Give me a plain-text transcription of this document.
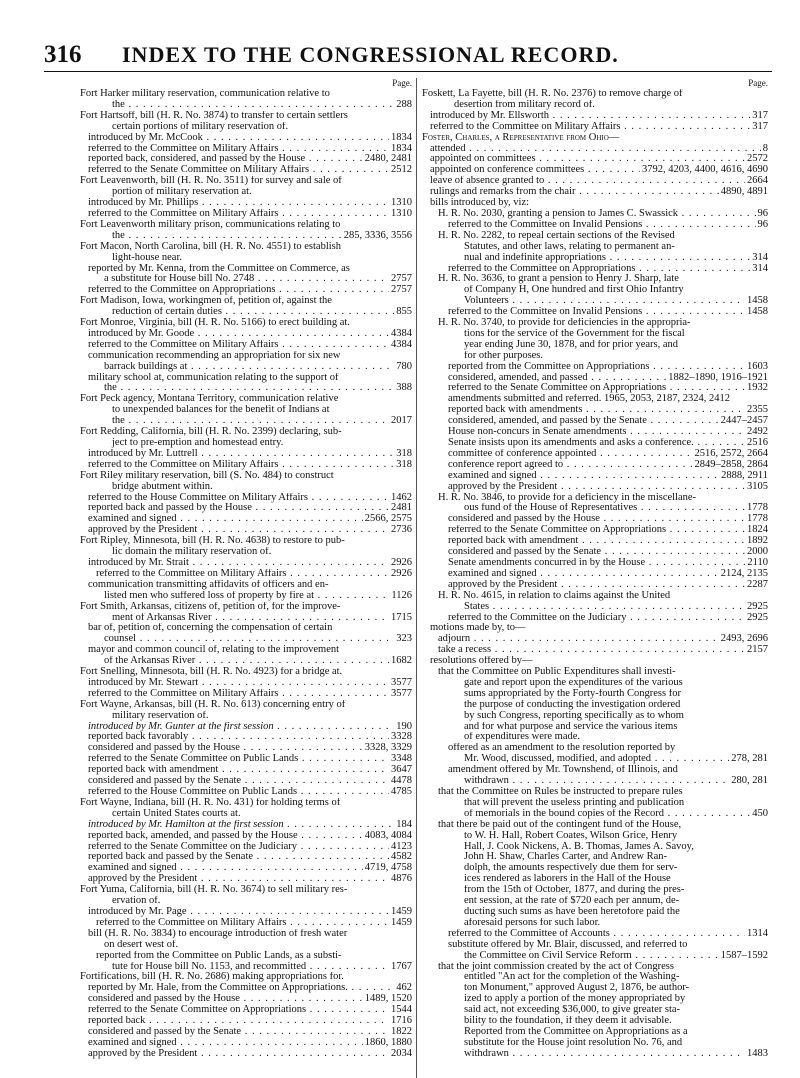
316 INDEX TO THE CONGRESSIONAL RECORD.
Page.
Fort Harker military reservation, communication relative to
the . . .	288
Fort Hartsoff, bill (H. R. No. 3874) to transfer to certain settlers
certain portions of military reservation of.
introduced by Mr. McCook . . .	1834
referred to the Committee on Military Affairs . . .	1834
reported back, considered, and passed by the House . . .	2480, 2481
referred to the Senate Committee on Military Affairs . . .	2512
Fort Leavenworth, bill (H. R. No. 3511) for survey and sale of
portion of military reservation at.
introduced by Mr. Phillips . . .	1310
referred to the Committee on Military Affairs . . .	1310
Fort Leavenworth military prison, communications relating to
the . . .	285, 3336, 3556
Fort Macon, North Carolina, bill (H. R. No. 4551) to establish
light-house near.
reported by Mr. Kenna, from the Committee on Commerce, as
a substitute for House bill No. 2748 . . .	2757
referred to the Committee on Appropriations . . .	2757
Fort Madison, Iowa, workingmen of, petition of, against the
reduction of certain duties . . .	855
Fort Monroe, Virginia, bill (H. R. No. 5166) to erect building at.
introduced by Mr. Goode . . .	4384
referred to the Committee on Military Affairs . . .	4384
communication recommending an appropriation for six new
barrack buildings at . . .	780
military school at, communication relating to the support of
the . . .	388
Fort Peck agency, Montana Territory, communication relative
to unexpended balances for the benefit of Indians at
the . . .	2017
Fort Redding, California, bill (H. R. No. 2399) declaring, sub-
ject to pre-emption and homestead entry.
introduced by Mr. Luttrell . . .	318
referred to the Committee on Military Affairs . . .	318
Fort Riley military reservation, bill (S. No. 484) to construct
bridge abutment within.
referred to the House Committee on Military Affairs . . .	1462
reported back and passed by the House . . .	2481
examined and signed . . .	2566, 2575
approved by the President . . .	2736
Fort Ripley, Minnesota, bill (H. R. No. 4638) to restore to pub-
lic domain the military reservation of.
introduced by Mr. Strait . . .	2926
referred to the Committee on Military Affairs . . .	2926
communication transmitting affidavits of officers and en-
listed men who suffered loss of property by fire at . . .	1126
Fort Smith, Arkansas, citizens of, petition of, for the improve-
ment of Arkansas River . . .	1715
bar of, petition of, concerning the compensation of certain
counsel . . .	323
mayor and common council of, relating to the improvement
of the Arkansas River . . .	1682
Fort Snelling, Minnesota, bill (H. R. No. 4923) for a bridge at.
introduced by Mr. Stewart . . .	3577
referred to the Committee on Military Affairs . . .	3577
Fort Wayne, Arkansas, bill (H. R. No. 613) concerning entry of
military reservation of.
introduced by Mr. Gunter at the first session . . .	190
reported back favorably . . .	3328
considered and passed by the House . . .	3328, 3329
referred to the Senate Committee on Public Lands . . .	3348
reported back with amendment . . .	3647
considered and passed by the Senate . . .	4478
referred to the House Committee on Public Lands . . .	4785
Fort Wayne, Indiana, bill (H. R. No. 431) for holding terms of
certain United States courts at.
introduced by Mr. Hamilton at the first session . . .	184
reported back, amended, and passed by the House . . .	4083, 4084
referred to the Senate Committee on the Judiciary . . .	4123
reported back and passed by the Senate . . .	4582
examined and signed . . .	4719, 4758
approved by the President . . .	4876
Fort Yuma, California, bill (H. R. No. 3674) to sell military res-
ervation of.
introduced by Mr. Page . . .	1459
referred to the Committee on Military Affairs . . .	1459
bill (H. R. No. 3834) to encourage introduction of fresh water
on desert west of.
reported from the Committee on Public Lands, as a substi-
tute for House bill No. 1153, and recommitted . . .	1767
Fortifications, bill (H. R. No. 2686) making appropriations for.
reported by Mr. Hale, from the Committee on Appropriations. . . .	462
considered and passed by the House . . .	1489, 1520
referred to the Senate Committee on Appropriations . . .	1544
reported back . . .	1716
considered and passed by the Senate . . .	1822
examined and signed . . .	1860, 1880
approved by the President . . .	2034
Page.
Foskett, La Fayette, bill (H. R. No. 2376) to remove charge of
desertion from military record of.
introduced by Mr. Ellsworth . . .	317
referred to the Committee on Military Affairs . . .	317
Foster, Charles, a Representative from Ohio—
attended . . .	8
appointed on committees . . .	2572
appointed on conference committees . . .	3792, 4203, 4400, 4616, 4690
leave of absence granted to . . .	2664
rulings and remarks from the chair . . .	4890, 4891
bills introduced by, viz:
H. R. No. 2030, granting a pension to James C. Swassick . . .	96
referred to the Committee on Invalid Pensions . . .	96
H. R. No. 2282, to repeal certain sections of the Revised
Statutes, and other laws, relating to permanent an-
nual and indefinite appropriations . . .	314
referred to the Committee on Appropriations . . .	314
H. R. No. 3636, to grant a pension to Henry J. Sharp, late
of Company H, One hundred and first Ohio Infantry
Volunteers . . .	1458
referred to the Committee on Invalid Pensions . . .	1458
H. R. No. 3740, to provide for deficiencies in the appropria-
tions for the service of the Government for the fiscal
year ending June 30, 1878, and for prior years, and
for other purposes.
reported from the Committee on Appropriations . . .	1603
considered, amended, and passed . . .	1882–1890, 1916–1921
referred to the Senate Committee on Appropriations . . .	1932
amendments submitted and referred. 1965, 2053, 2187, 2324, 2412
reported back with amendments . . .	2355
considered, amended, and passed by the Senate . . .	2447–2457
House non-concurs in Senate amendments . . .	2492
Senate insists upon its amendments and asks a conference. . . .	2516
committee of conference appointed . . .	2516, 2572, 2664
conference report agreed to . . .	2849–2858, 2864
examined and signed . . .	2888, 2911
approved by the President . . .	3105
H. R. No. 3846, to provide for a deficiency in the miscellane-
ous fund of the House of Representatives . . .	1778
considered and passed by the House . . .	1778
referred to the Senate Committee on Appropriations . . .	1824
reported back with amendment . . .	1892
considered and passed by the Senate . . .	2000
Senate amendments concurred in by the House . . .	2110
examined and signed . . .	2124, 2135
approved by the President . . .	2287
H. R. No. 4615, in relation to claims against the United
States . . .	2925
referred to the Committee on the Judiciary . . .	2925
motions made by, to—
adjourn . . .	2493, 2696
take a recess . . .	2157
resolutions offered by—
that the Committee on Public Expenditures shall investi-
gate and report upon the expenditures of the various
sums appropriated by the Forty-fourth Congress for
the purpose of conducting the investigation ordered
by such Congress, reporting specifically as to whom
and for what purpose and service the various items
of expenditures were made.
offered as an amendment to the resolution reported by
Mr. Wood, discussed, modified, and adopted . . .	278, 281
amendment offered by Mr. Townshend, of Illinois, and
withdrawn . . .	280, 281
that the Committee on Rules be instructed to prepare rules
that will prevent the useless printing and publication
of memorials in the bound copies of the Record . . .	450
that there be paid out of the contingent fund of the House,
to W. H. Hall, Robert Coates, Wilson Grice, Henry
Hall, J. Cook Nickens, A. B. Thomas, James A. Savoy,
John H. Shaw, Charles Carter, and Andrew Ran-
dolph, the amounts respectively due them for serv-
ices rendered as laborers in the Hall of the House
from the 15th of October, 1877, and during the pres-
ent session, at the rate of $720 each per annum, de-
ducting such sums as have been heretofore paid the
aforesaid persons for such labor.
referred to the Committee of Accounts . . .	1314
substitute offered by Mr. Blair, discussed, and referred to
the Committee on Civil Service Reform . . .	1587–1592
that the joint commission created by the act of Congress
entitled "An act for the completion of the Washing-
ton Monument," approved August 2, 1876, be author-
ized to apply a portion of the money appropriated by
said act, not exceeding $36,000, to give greater sta-
bility to the foundation, if they deem it advisable.
Reported from the Committee on Appropriations as a
substitute for the House joint resolution No. 76, and
withdrawn . . .	1483
